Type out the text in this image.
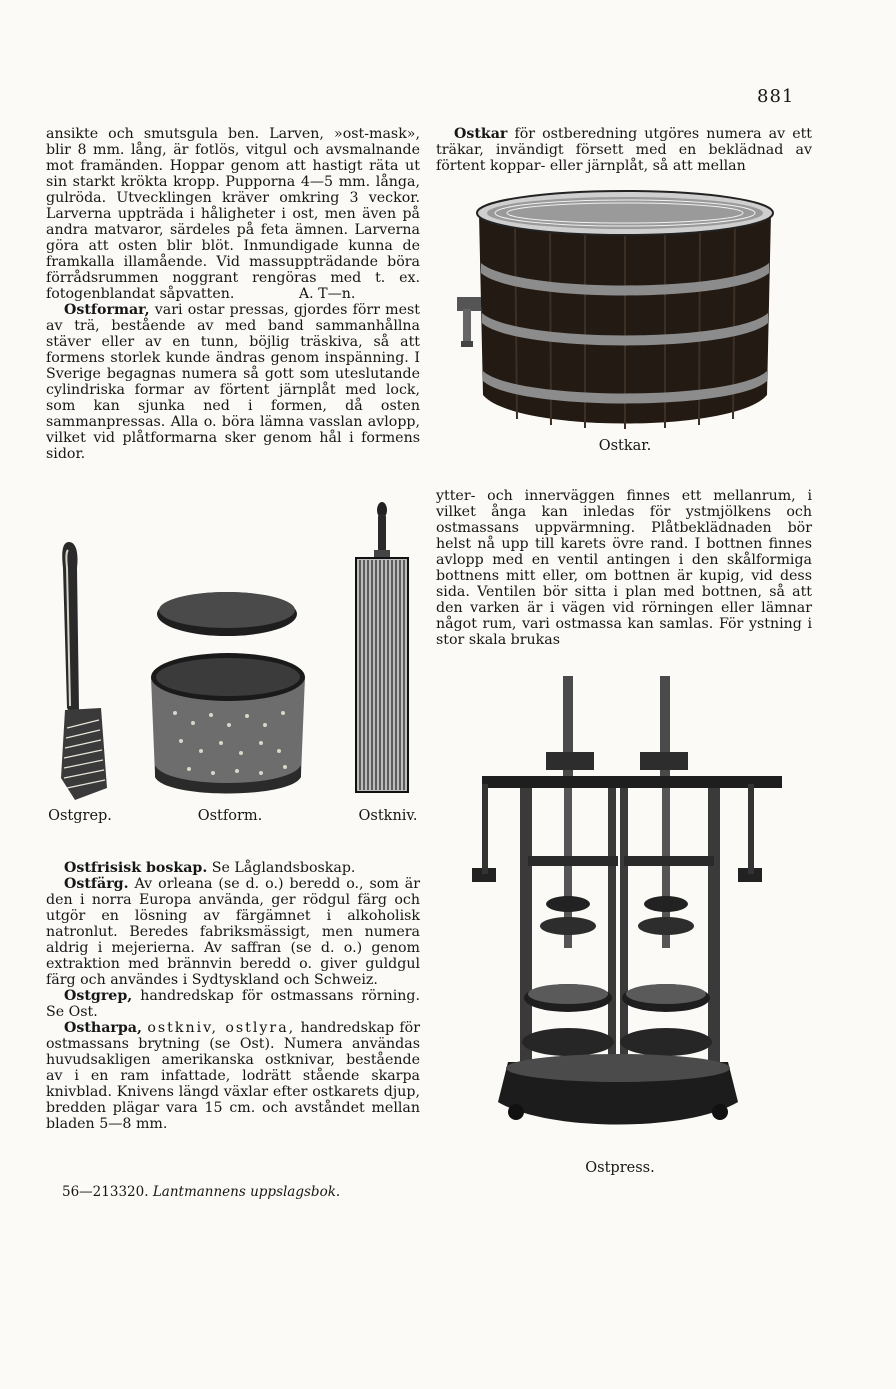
881

ansikte och smutsgula ben. Larven, »ost-mask», blir 8 mm. lång, är fotlös, vitgul och avsmalnande mot framänden. Hoppar genom att hastigt räta ut sin starkt krökta kropp. Pupporna 4—5 mm. långa, gulröda. Utvecklingen kräver omkring 3 veckor. Larverna uppträda i håligheter i ost, men även på andra matvaror, särdeles på feta ämnen. Larverna göra att osten blir blöt. Inmundigade kunna de framkalla illamående. Vid massuppträdande böra förrådsrummen noggrant rengöras med t. ex. fotogenblandat såpvatten.	A. T—n.

Ostformar, vari ostar pressas, gjordes förr mest av trä, bestående av med band sammanhållna stäver eller av en tunn, böjlig träskiva, så att formens storlek kunde ändras genom inspänning. I Sverige begagnas numera så gott som uteslutande cylindriska formar av förtent järnplåt med lock, som kan sjunka ned i formen, då osten sammanpressas. Alla o. böra lämna vasslan avlopp, vilket vid plåtformarna sker genom hål i formens sidor.

Ostgrep.	Ostform.	Ostkniv.

Ostfrisisk boskap. Se Låglandsboskap.

Ostfärg. Av orleana (se d. o.) beredd o., som är den i norra Europa använda, ger rödgul färg och utgör en lösning av färgämnet i alkoholisk natronlut. Beredes fabriksmässigt, men numera aldrig i mejerierna. Av saffran (se d. o.) genom extraktion med brännvin beredd o. giver guldgul färg och användes i Sydtyskland och Schweiz.

Ostgrep, handredskap för ostmassans rörning. Se Ost.

Ostharpa, ostkniv, ostlyra, handredskap för ostmassans brytning (se Ost). Numera användas huvudsakligen amerikanska ostknivar, bestående av i en ram infattade, lodrätt stående skarpa knivblad. Knivens längd växlar efter ostkarets djup, bredden plägar vara 15 cm. och avståndet mellan bladen 5—8 mm.

56—213320. Lantmannens uppslagsbok.

Ostkar för ostberedning utgöres numera av ett träkar, invändigt försett med en beklädnad av förtent koppar- eller järnplåt, så att mellan

Ostkar.

ytter- och innerväggen finnes ett mellanrum, i vilket ånga kan inledas för ystmjölkens och ostmassans uppvärmning. Plåtbeklädnaden bör helst nå upp till karets övre rand. I bottnen finnes avlopp med en ventil antingen i den skålformiga bottnens mitt eller, om bottnen är kupig, vid dess sida. Ventilen bör sitta i plan med bottnen, så att den varken är i vägen vid rörningen eller lämnar något rum, vari ostmassa kan samlas. För ystning i stor skala brukas

Ostpress.
